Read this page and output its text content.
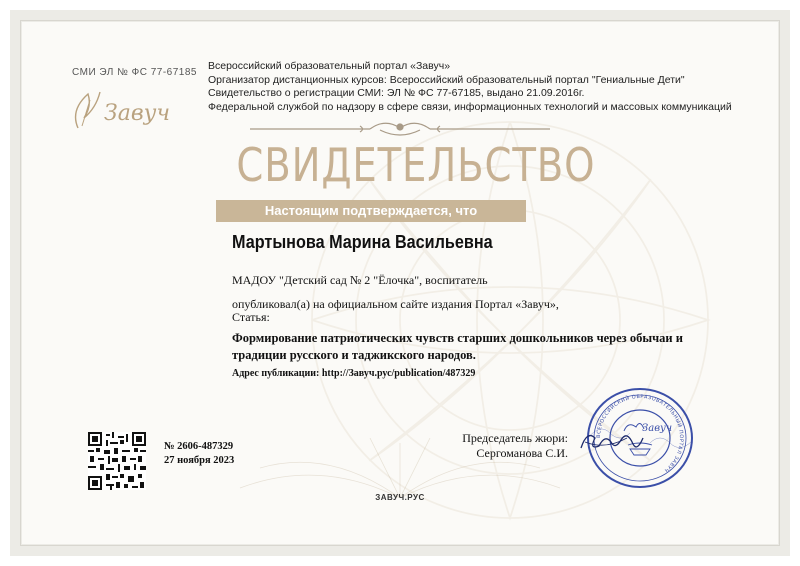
СМИ ЭЛ № ФС 77-67185
Завуч
Всероссийский образовательный портал «Завуч»
Организатор дистанционных курсов: Всероссийский образовательный портал "Гениальные Дети"
Свидетельство о регистрации СМИ: ЭЛ № ФС 77-67185, выдано 21.09.2016г.
Федеральной службой по надзору в сфере связи, информационных технологий и массовых коммуникаций
СВИДЕТЕЛЬСТВО
Настоящим подтверждается, что
Мартынова Марина Васильевна
МАДОУ "Детский сад № 2 "Ёлочка", воспитатель
опубликовал(а) на официальном сайте издания Портал «Завуч»,
Статья:
Формирование патриотических чувств старших дошкольников через обычаи и традиции русского и таджикского народов.
Адрес публикации: http://Завуч.рус/publication/487329
№ 2606-487329
27 ноября 2023
Председатель жюри:
Сергоманова С.И.
ВСЕРОССИЙСКИЙ ОБРАЗОВАТЕЛЬНЫЙ ПОРТАЛ ЗАВУЧ
Завуч
ЗАВУЧ.РУС
